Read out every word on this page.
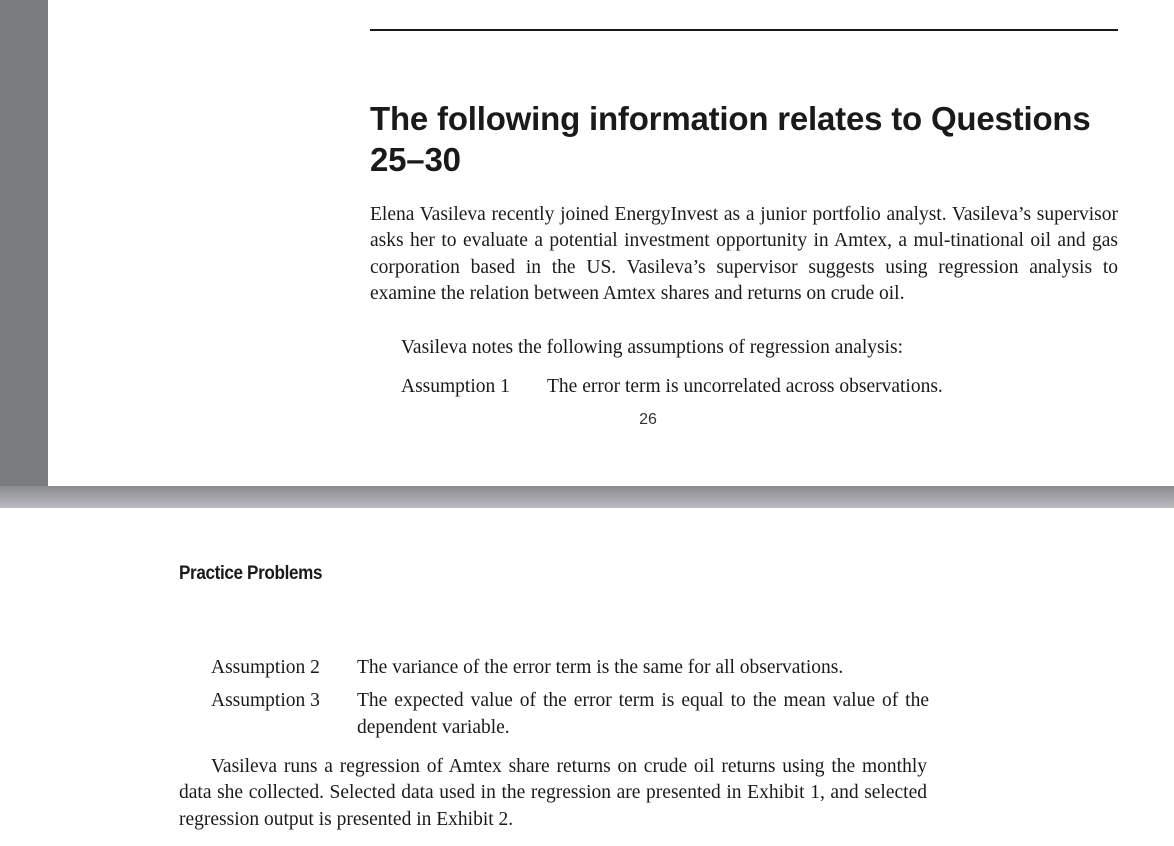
The following information relates to Questions 25–30

Elena Vasileva recently joined EnergyInvest as a junior portfolio analyst. Vasileva’s supervisor asks her to evaluate a potential investment opportunity in Amtex, a mul-tinational oil and gas corporation based in the US. Vasileva’s supervisor suggests using regression analysis to examine the relation between Amtex shares and returns on crude oil.

Vasileva notes the following assumptions of regression analysis:

Assumption 1 The error term is uncorrelated across observations.
26
Practice Problems
Assumption 2 The variance of the error term is the same for all observations.
Assumption 3 The expected value of the error term is equal to the mean value of the dependent variable.

Vasileva runs a regression of Amtex share returns on crude oil returns using the monthly data she collected. Selected data used in the regression are presented in Exhibit 1, and selected regression output is presented in Exhibit 2.
